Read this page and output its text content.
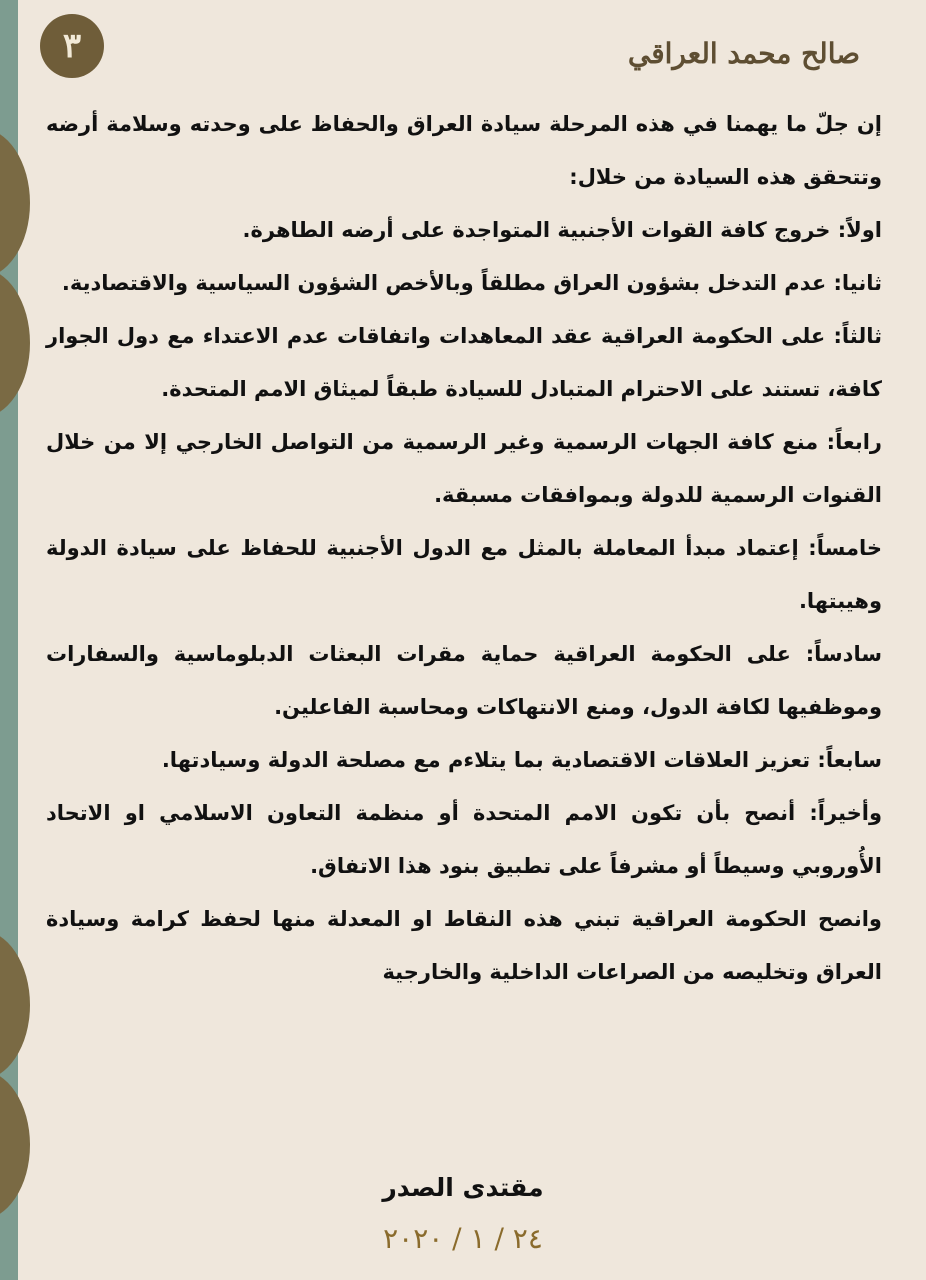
٣	صالح محمد العراقي

إن جلّ ما يهمنا في هذه المرحلة سيادة العراق والحفاظ على وحدته وسلامة أرضه وتتحقق هذه السيادة من خلال:

اولاً: خروج كافة القوات الأجنبية المتواجدة على أرضه الطاهرة.

ثانيا: عدم التدخل بشؤون العراق مطلقاً وبالأخص الشؤون السياسية والاقتصادية.

ثالثاً: على الحكومة العراقية عقد المعاهدات واتفاقات عدم الاعتداء مع دول الجوار كافة، تستند على الاحترام المتبادل للسيادة طبقاً لميثاق الامم المتحدة.

رابعاً: منع كافة الجهات الرسمية وغير الرسمية من التواصل الخارجي إلا من خلال القنوات الرسمية للدولة وبموافقات مسبقة.

خامساً: إعتماد مبدأ المعاملة بالمثل مع الدول الأجنبية للحفاظ على سيادة الدولة وهيبتها.

سادساً: على الحكومة العراقية حماية مقرات البعثات الدبلوماسية والسفارات وموظفيها لكافة الدول، ومنع الانتهاكات ومحاسبة الفاعلين.

سابعاً: تعزيز العلاقات الاقتصادية بما يتلاءم مع مصلحة الدولة وسيادتها.

وأخيراً: أنصح بأن تكون الامم المتحدة أو منظمة التعاون الاسلامي او الاتحاد الأُوروبي وسيطاً أو مشرفاً على تطبيق بنود هذا الاتفاق.

وانصح الحكومة العراقية تبني هذه النقاط او المعدلة منها لحفظ كرامة وسيادة العراق وتخليصه من الصراعات الداخلية والخارجية

مقتدى الصدر
٢٤ / ١ / ٢٠٢٠
